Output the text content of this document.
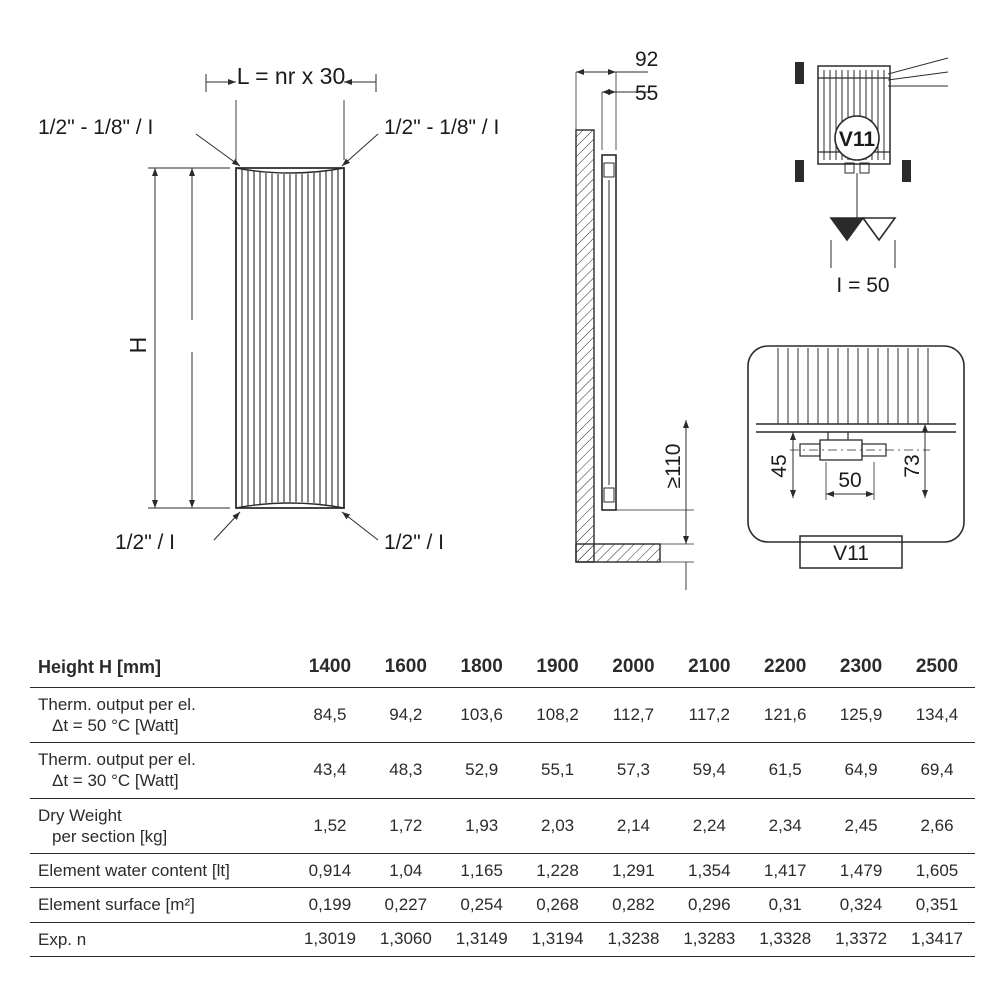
L = nr x 30
H
1/2" - 1/8" / I	1/2" - 1/8" / I
1/2" / I	1/2" / I
92
55
≥110
V11
I = 50
45	73
50
V11
Height H [mm]	1400	1600	1800	1900	2000	2100	2200	2300	2500
Therm. output per el.
Δt = 50 °C [Watt]	84,5	94,2	103,6	108,2	112,7	117,2	121,6	125,9	134,4
Therm. output per el.
Δt = 30 °C [Watt]	43,4	48,3	52,9	55,1	57,3	59,4	61,5	64,9	69,4
Dry Weight
per section [kg]	1,52	1,72	1,93	2,03	2,14	2,24	2,34	2,45	2,66
Element water content [lt]	0,914	1,04	1,165	1,228	1,291	1,354	1,417	1,479	1,605
Element surface [m²]	0,199	0,227	0,254	0,268	0,282	0,296	0,31	0,324	0,351
Exp. n	1,3019	1,3060	1,3149	1,3194	1,3238	1,3283	1,3328	1,3372	1,3417
